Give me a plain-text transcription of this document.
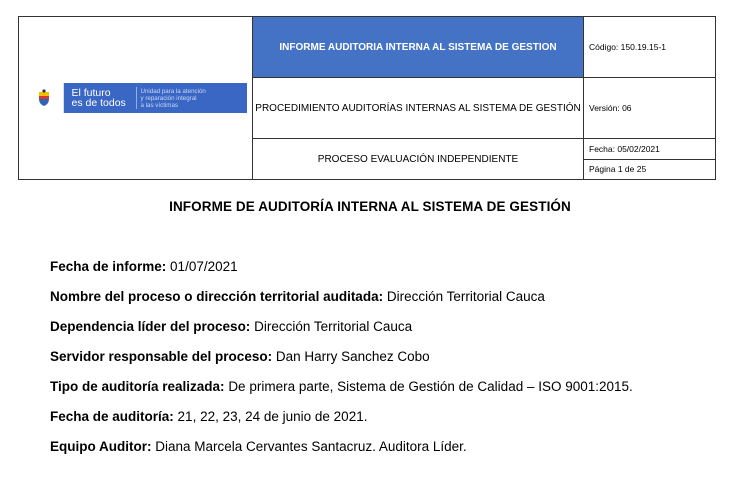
El futuro
es de todos
Unidad para la atención
y reparación integral
a las víctimas	INFORME AUDITORIA INTERNA AL SISTEMA DE GESTION	Código: 150.19.15-1
	PROCEDIMIENTO AUDITORÍAS INTERNAS AL SISTEMA DE GESTIÓN	Versión: 06
	PROCESO EVALUACIÓN INDEPENDIENTE	Fecha: 05/02/2021
Página 1 de 25
INFORME DE AUDITORÍA INTERNA AL SISTEMA DE GESTIÓN

Fecha de informe: 01/07/2021

Nombre del proceso o dirección territorial auditada: Dirección Territorial Cauca

Dependencia líder del proceso: Dirección Territorial Cauca

Servidor responsable del proceso: Dan Harry Sanchez Cobo

Tipo de auditoría realizada: De primera parte, Sistema de Gestión de Calidad – ISO 9001:2015.

Fecha de auditoría: 21, 22, 23, 24 de junio de 2021.

Equipo Auditor: Diana Marcela Cervantes Santacruz. Auditora Líder.
